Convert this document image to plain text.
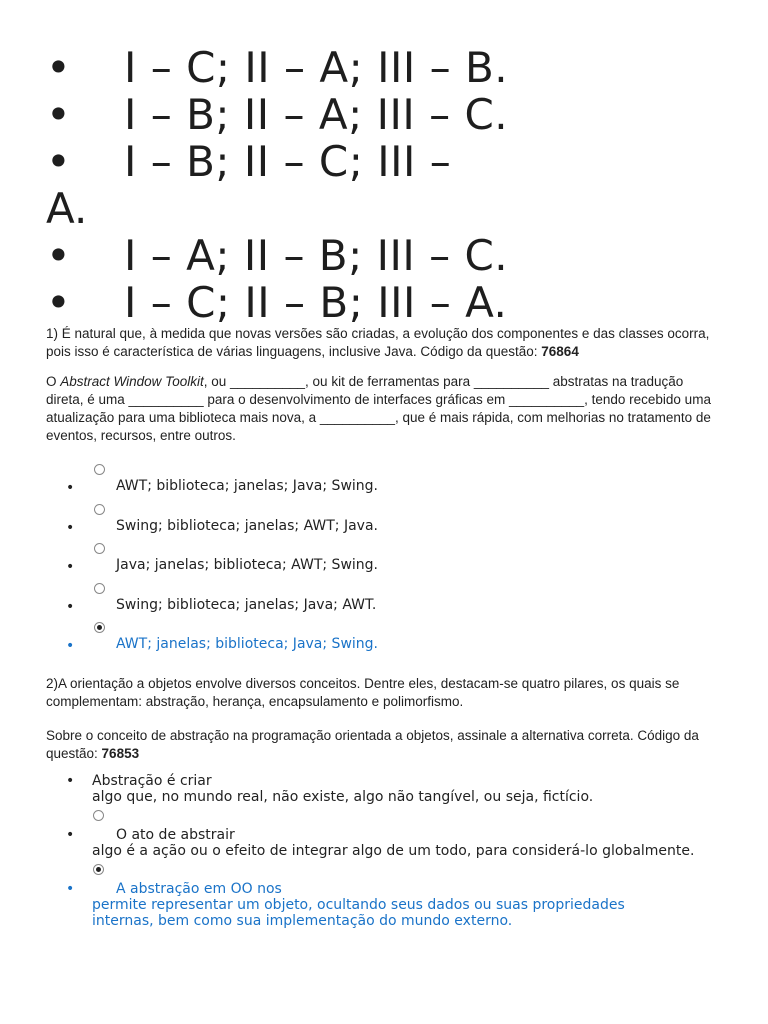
• I – C; II – A; III – B.
• I – B; II – A; III – C.
• I – B; II – C; III –
A.
• I – A; II – B; III – C.
• I – C; II – B; III – A.
1) É natural que, à medida que novas versões são criadas, a evolução dos componentes e das classes ocorra, pois isso é característica de várias linguagens, inclusive Java. Código da questão: 76864
O Abstract Window Toolkit, ou __________, ou kit de ferramentas para __________ abstratas na tradução direta, é uma __________ para o desenvolvimento de interfaces gráficas em __________, tendo recebido uma atualização para uma biblioteca mais nova, a __________, que é mais rápida, com melhorias no tratamento de eventos, recursos, entre outros.
•	AWT; biblioteca; janelas; Java; Swing.
•	Swing; biblioteca; janelas; AWT; Java.
•	Java; janelas; biblioteca; AWT; Swing.
•	Swing; biblioteca; janelas; Java; AWT.
•	AWT; janelas; biblioteca; Java; Swing.
2)A orientação a objetos envolve diversos conceitos. Dentre eles, destacam-se quatro pilares, os quais se complementam: abstração, herança, encapsulamento e polimorfismo.
Sobre o conceito de abstração na programação orientada a objetos, assinale a alternativa correta. Código da questão: 76853
•	Abstração é criar
algo que, no mundo real, não existe, algo não tangível, ou seja, fictício.
•	O ato de abstrair
algo é a ação ou o efeito de integrar algo de um todo, para considerá-lo globalmente.
•	A abstração em OO nos
permite representar um objeto, ocultando seus dados ou suas propriedades
internas, bem como sua implementação do mundo externo.
